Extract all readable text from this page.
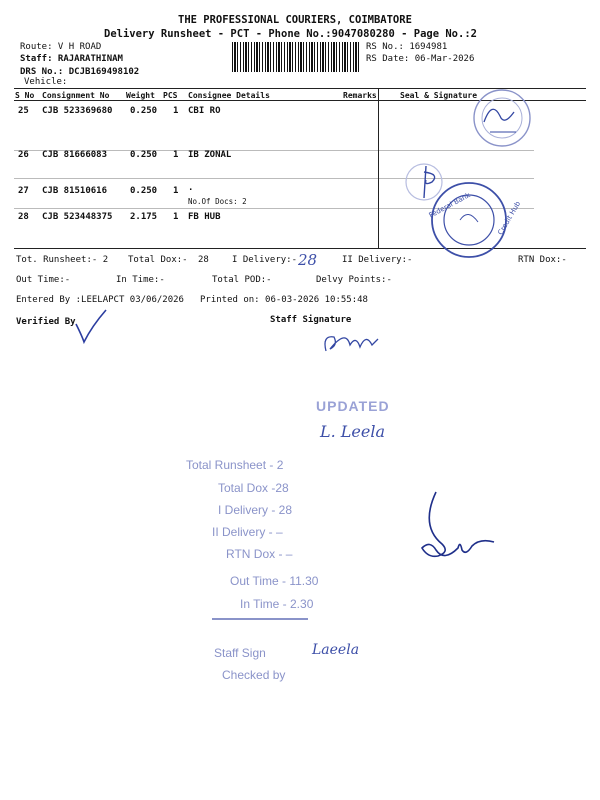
THE PROFESSIONAL COURIERS, COIMBATORE
Delivery Runsheet - PCT - Phone No.:9047080280 - Page No.:2
Route: V H ROAD
Staff: RAJARATHINAM
DRS No.: DCJB169498102
Vehicle:
RS No.: 1694981
RS Date: 06-Mar-2026
S No Consignment No Weight PCS Consignee Details	Remarks	Seal & Signature
25 CJB 523369680 0.250 1 CBI RO
26 CJB 81666083	0.250 1 IB ZONAL
27 CJB 81510616	0.250 1 .
No.Of Docs: 2
28 CJB 523448375 2.175 1 FB HUB
Tot. Runsheet:- 2 Total Dox:- 28	I Delivery:- 28	II Delivery:-	RTN Dox:-
Out Time:-	In Time:-	Total POD:-	Delvy Points:-
Entered By :LEELAPCT 03/06/2026 Printed on: 06-03-2026 10:55:48
Verified By	Staff Signature
Federal Bank	Credit Hub
UPDATED
L. Leela
Total Runsheet - 2
Total Dox -28
I Delivery - 28
II Delivery - –
RTN Dox - –
Out Time - 11.30
In Time - 2.30
Staff Sign	Laeela
Checked by
